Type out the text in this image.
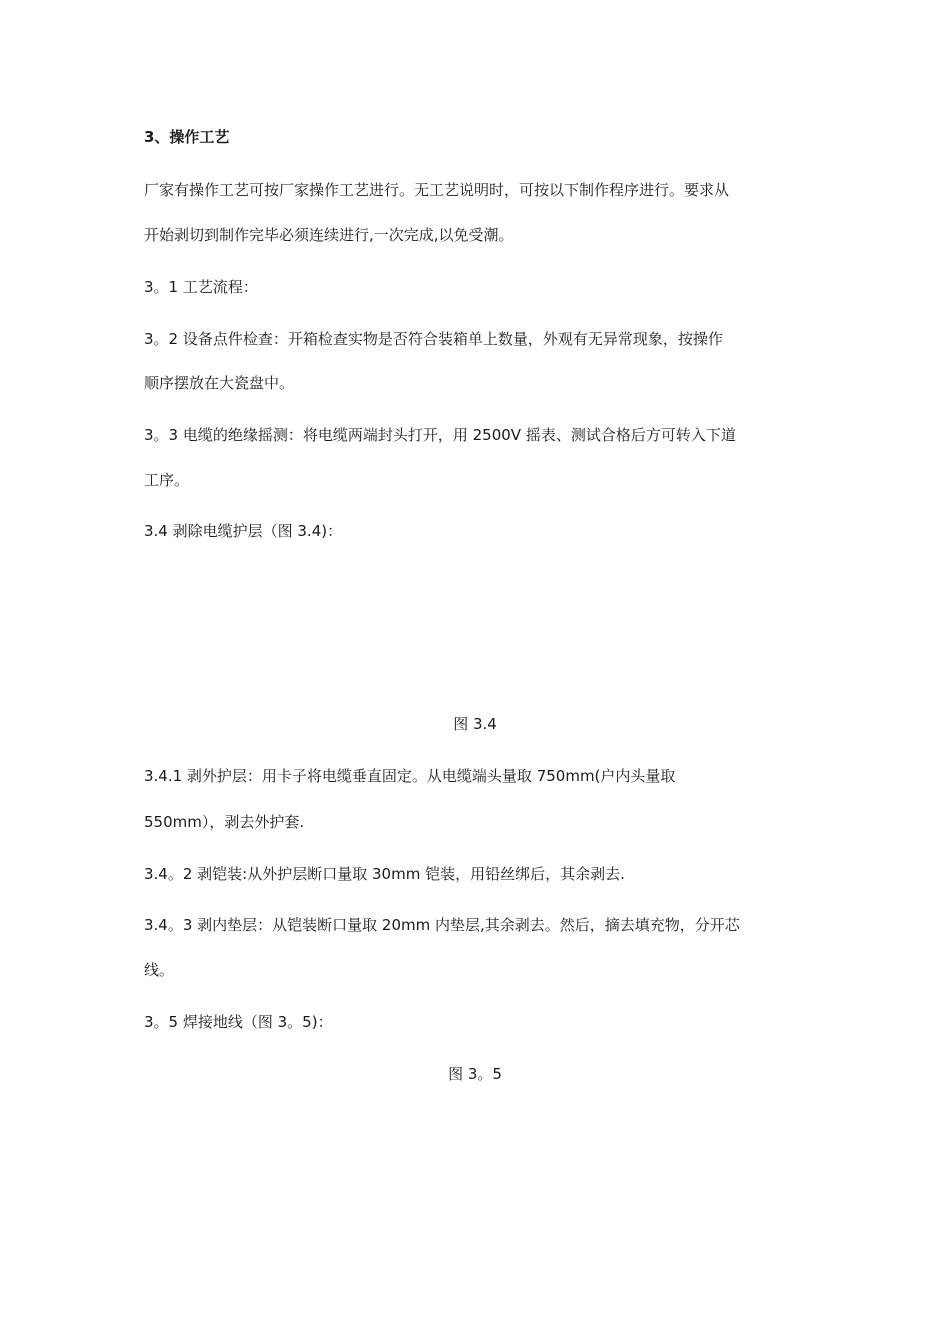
3、操作工艺
厂家有操作工艺可按厂家操作工艺进行。无工艺说明时，可按以下制作程序进行。要求从
开始剥切到制作完毕必须连续进行,一次完成,以免受潮。
3。1 工艺流程：
3。2 设备点件检查：开箱检查实物是否符合装箱单上数量，外观有无异常现象，按操作
顺序摆放在大瓷盘中。
3。3 电缆的绝缘摇测：将电缆两端封头打开，用 2500V 摇表、测试合格后方可转入下道
工序。
3.4 剥除电缆护层（图 3.4)：
图 3.4
3.4.1 剥外护层：用卡子将电缆垂直固定。从电缆端头量取 750mm(户内头量取
550mm），剥去外护套.
3.4。2 剥铠装:从外护层断口量取 30mm 铠装，用铅丝绑后，其余剥去.
3.4。3 剥内垫层：从铠装断口量取 20mm 内垫层,其余剥去。然后，摘去填充物，分开芯
线。
3。5 焊接地线（图 3。5)：
图 3。5
